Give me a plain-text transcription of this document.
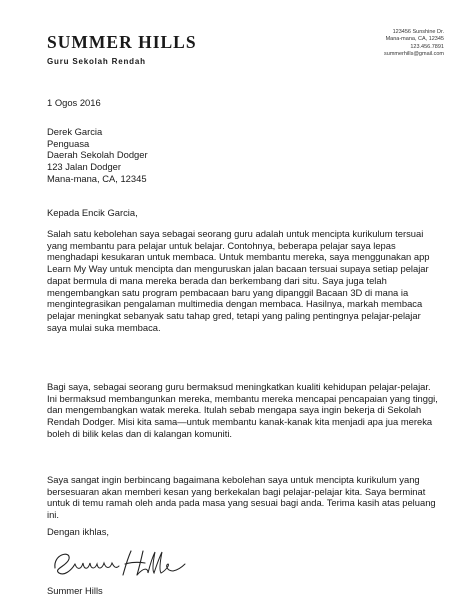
SUMMER HILLS
Guru Sekolah Rendah
123456 Sunshine Dr.
Mana-mana, CA, 12345
123.456.7891
summerhills@gmail.com

1 Ogos 2016

Derek Garcia
Penguasa
Daerah Sekolah Dodger
123 Jalan Dodger
Mana-mana, CA, 12345

Kepada Encik Garcia,

Salah satu kebolehan saya sebagai seorang guru adalah untuk mencipta kurikulum tersuai yang membantu para pelajar untuk belajar. Contohnya, beberapa pelajar saya lepas menghadapi kesukaran untuk membaca. Untuk membantu mereka, saya menggunakan app Learn My Way untuk mencipta dan menguruskan jalan bacaan tersuai supaya setiap pelajar dapat bermula di mana mereka berada dan berkembang dari situ. Saya juga telah mengembangkan satu program pembacaan baru yang dipanggil Bacaan 3D di mana ia mengintegrasikan pengalaman multimedia dengan membaca. Hasilnya, markah membaca pelajar meningkat sebanyak satu tahap gred, tetapi yang paling pentingnya pelajar-pelajar saya mulai suka membaca.

Bagi saya, sebagai seorang guru bermaksud meningkatkan kualiti kehidupan pelajar-pelajar. Ini bermaksud membangunkan mereka, membantu mereka mencapai pencapaian yang tinggi, dan mengembangkan watak mereka. Itulah sebab mengapa saya ingin bekerja di Sekolah Rendah Dodger. Misi kita sama—untuk membantu kanak-kanak kita menjadi apa jua mereka boleh di bilik kelas dan di kalangan komuniti.

Saya sangat ingin berbincang bagaimana kebolehan saya untuk mencipta kurikulum yang bersesuaran akan memberi kesan yang berkekalan bagi pelajar-pelajar kita. Saya berminat untuk di temu ramah oleh anda pada masa yang sesuai bagi anda. Terima kasih atas peluang ini.

Dengan ikhlas,

Summer Hills
